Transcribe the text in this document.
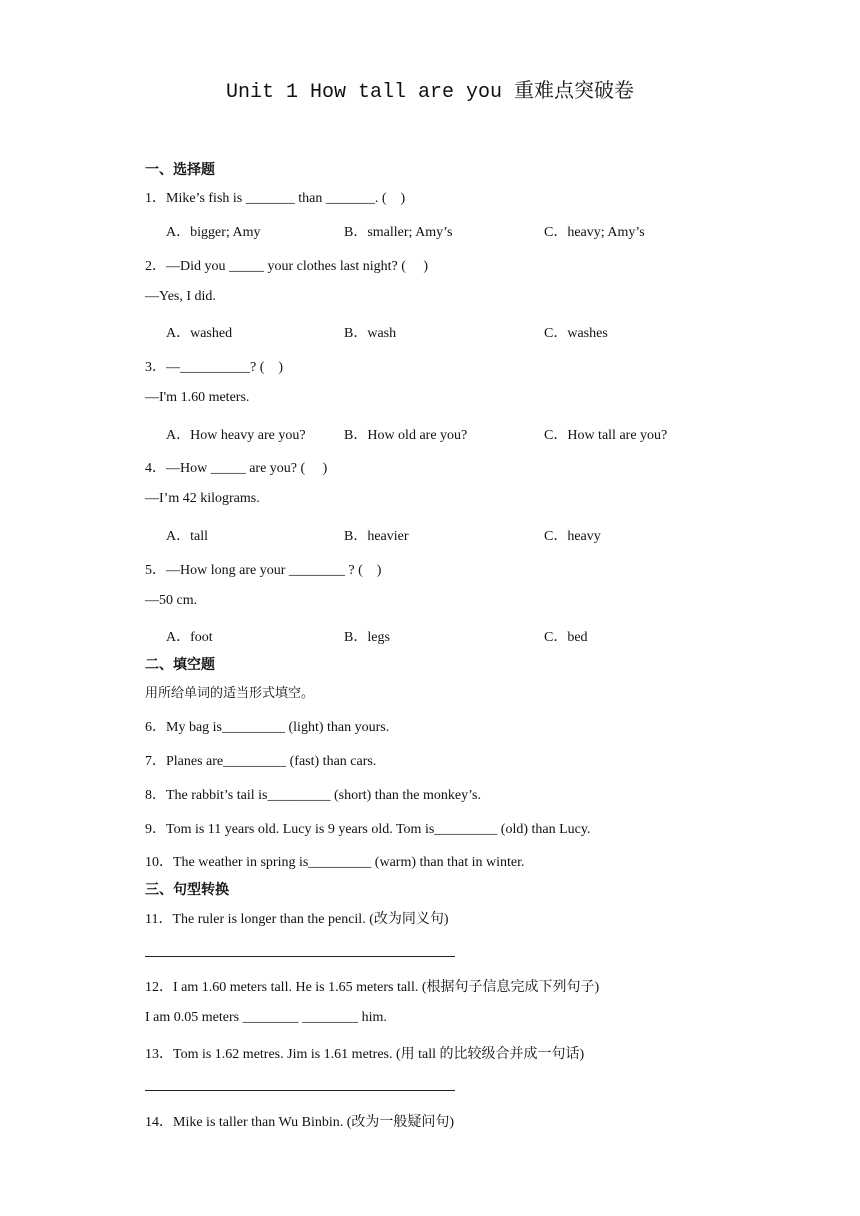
Unit 1 How tall are you 重难点突破卷
一、选择题
1．Mike’s fish is _______ than _______. (　)
A．bigger; Amy	B．smaller; Amy’s	C．heavy; Amy’s
2．—Did you _____ your clothes last night? (　 )
—Yes, I did.
A．washed	B．wash	C．washes
3．—__________? (　)
—I'm 1.60 meters.
A．How heavy are you?	B．How old are you?	C．How tall are you?
4．—How _____ are you? (　 )
—I’m 42 kilograms.
A．tall	B．heavier	C．heavy
5．—How long are your ________ ? (　)
—50 cm.
A．foot	B．legs	C．bed
二、填空题
用所给单词的适当形式填空。
6．My bag is_________ (light) than yours.
7．Planes are_________ (fast) than cars.
8．The rabbit’s tail is_________ (short) than the monkey’s.
9．Tom is 11 years old. Lucy is 9 years old. Tom is_________ (old) than Lucy.
10．The weather in spring is_________ (warm) than that in winter.
三、句型转换
11．The ruler is longer than the pencil. (改为同义句)
12．I am 1.60 meters tall. He is 1.65 meters tall. (根据句子信息完成下列句子)
I am 0.05 meters ________ ________ him.
13．Tom is 1.62 metres. Jim is 1.61 metres. (用 tall 的比较级合并成一句话)
14．Mike is taller than Wu Binbin. (改为一般疑问句)
